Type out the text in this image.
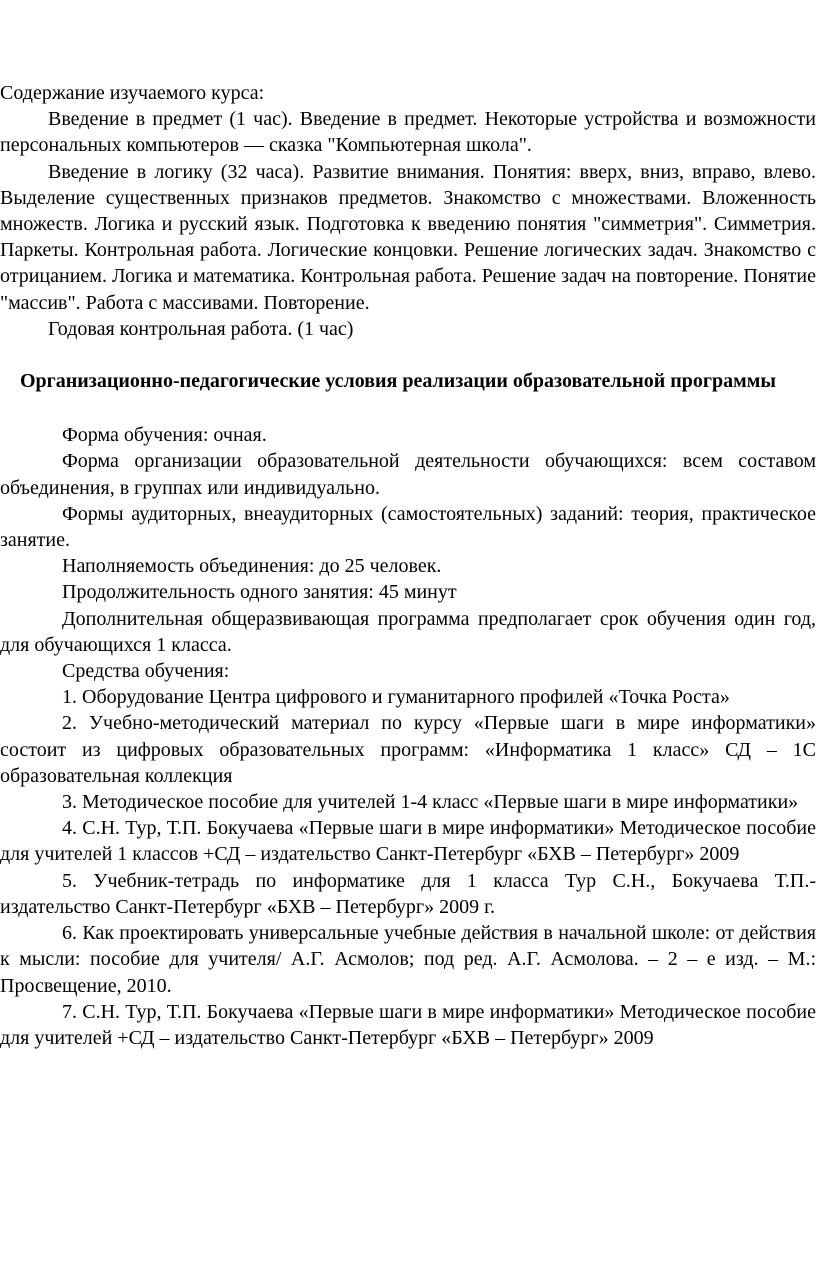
Содержание изучаемого курса:

Введение в предмет (1 час). Введение в предмет. Некоторые устройства и возможности персональных компьютеров — сказка "Компьютерная школа".

Введение в логику (32 часа). Развитие внимания. Понятия: вверх, вниз, вправо, влево. Выделение существенных признаков предметов. Знакомство с множествами. Вложенность множеств. Логика и русский язык. Подготовка к введению понятия "симметрия". Симметрия. Паркеты. Контрольная работа. Логические концовки. Решение логических задач. Знакомство с отрицанием. Логика и математика. Контрольная работа. Решение задач на повторение. Понятие "массив". Работа с массивами. Повторение.

Годовая контрольная работа. (1 час)

Организационно-педагогические условия реализации образовательной программы

Форма обучения: очная.

Форма организации образовательной деятельности обучающихся: всем составом объединения, в группах или индивидуально.

Формы аудиторных, внеаудиторных (самостоятельных) заданий: теория, практическое занятие.

Наполняемость объединения: до 25 человек.

Продолжительность одного занятия: 45 минут

Дополнительная общеразвивающая программа предполагает срок обучения один год, для обучающихся 1 класса.

Средства обучения:

1. Оборудование Центра цифрового и гуманитарного профилей «Точка Роста»

2. Учебно-методический материал по курсу «Первые шаги в мире информатики» состоит из цифровых образовательных программ: «Информатика 1 класс» СД – 1С образовательная коллекция

3. Методическое пособие для учителей 1-4 класс «Первые шаги в мире информатики»

4. С.Н. Тур, Т.П. Бокучаева «Первые шаги в мире информатики» Методическое пособие для учителей 1 классов +СД – издательство Санкт-Петербург «БХВ – Петербург» 2009

5. Учебник-тетрадь по информатике для 1 класса Тур С.Н., Бокучаева Т.П.- издательство Санкт-Петербург «БХВ – Петербург» 2009 г.

6. Как проектировать универсальные учебные действия в начальной школе: от действия к мысли: пособие для учителя/ А.Г. Асмолов; под ред. А.Г. Асмолова. – 2 – е изд. – М.: Просвещение, 2010.

7. С.Н. Тур, Т.П. Бокучаева «Первые шаги в мире информатики» Методическое пособие для учителей +СД – издательство Санкт-Петербург «БХВ – Петербург» 2009
